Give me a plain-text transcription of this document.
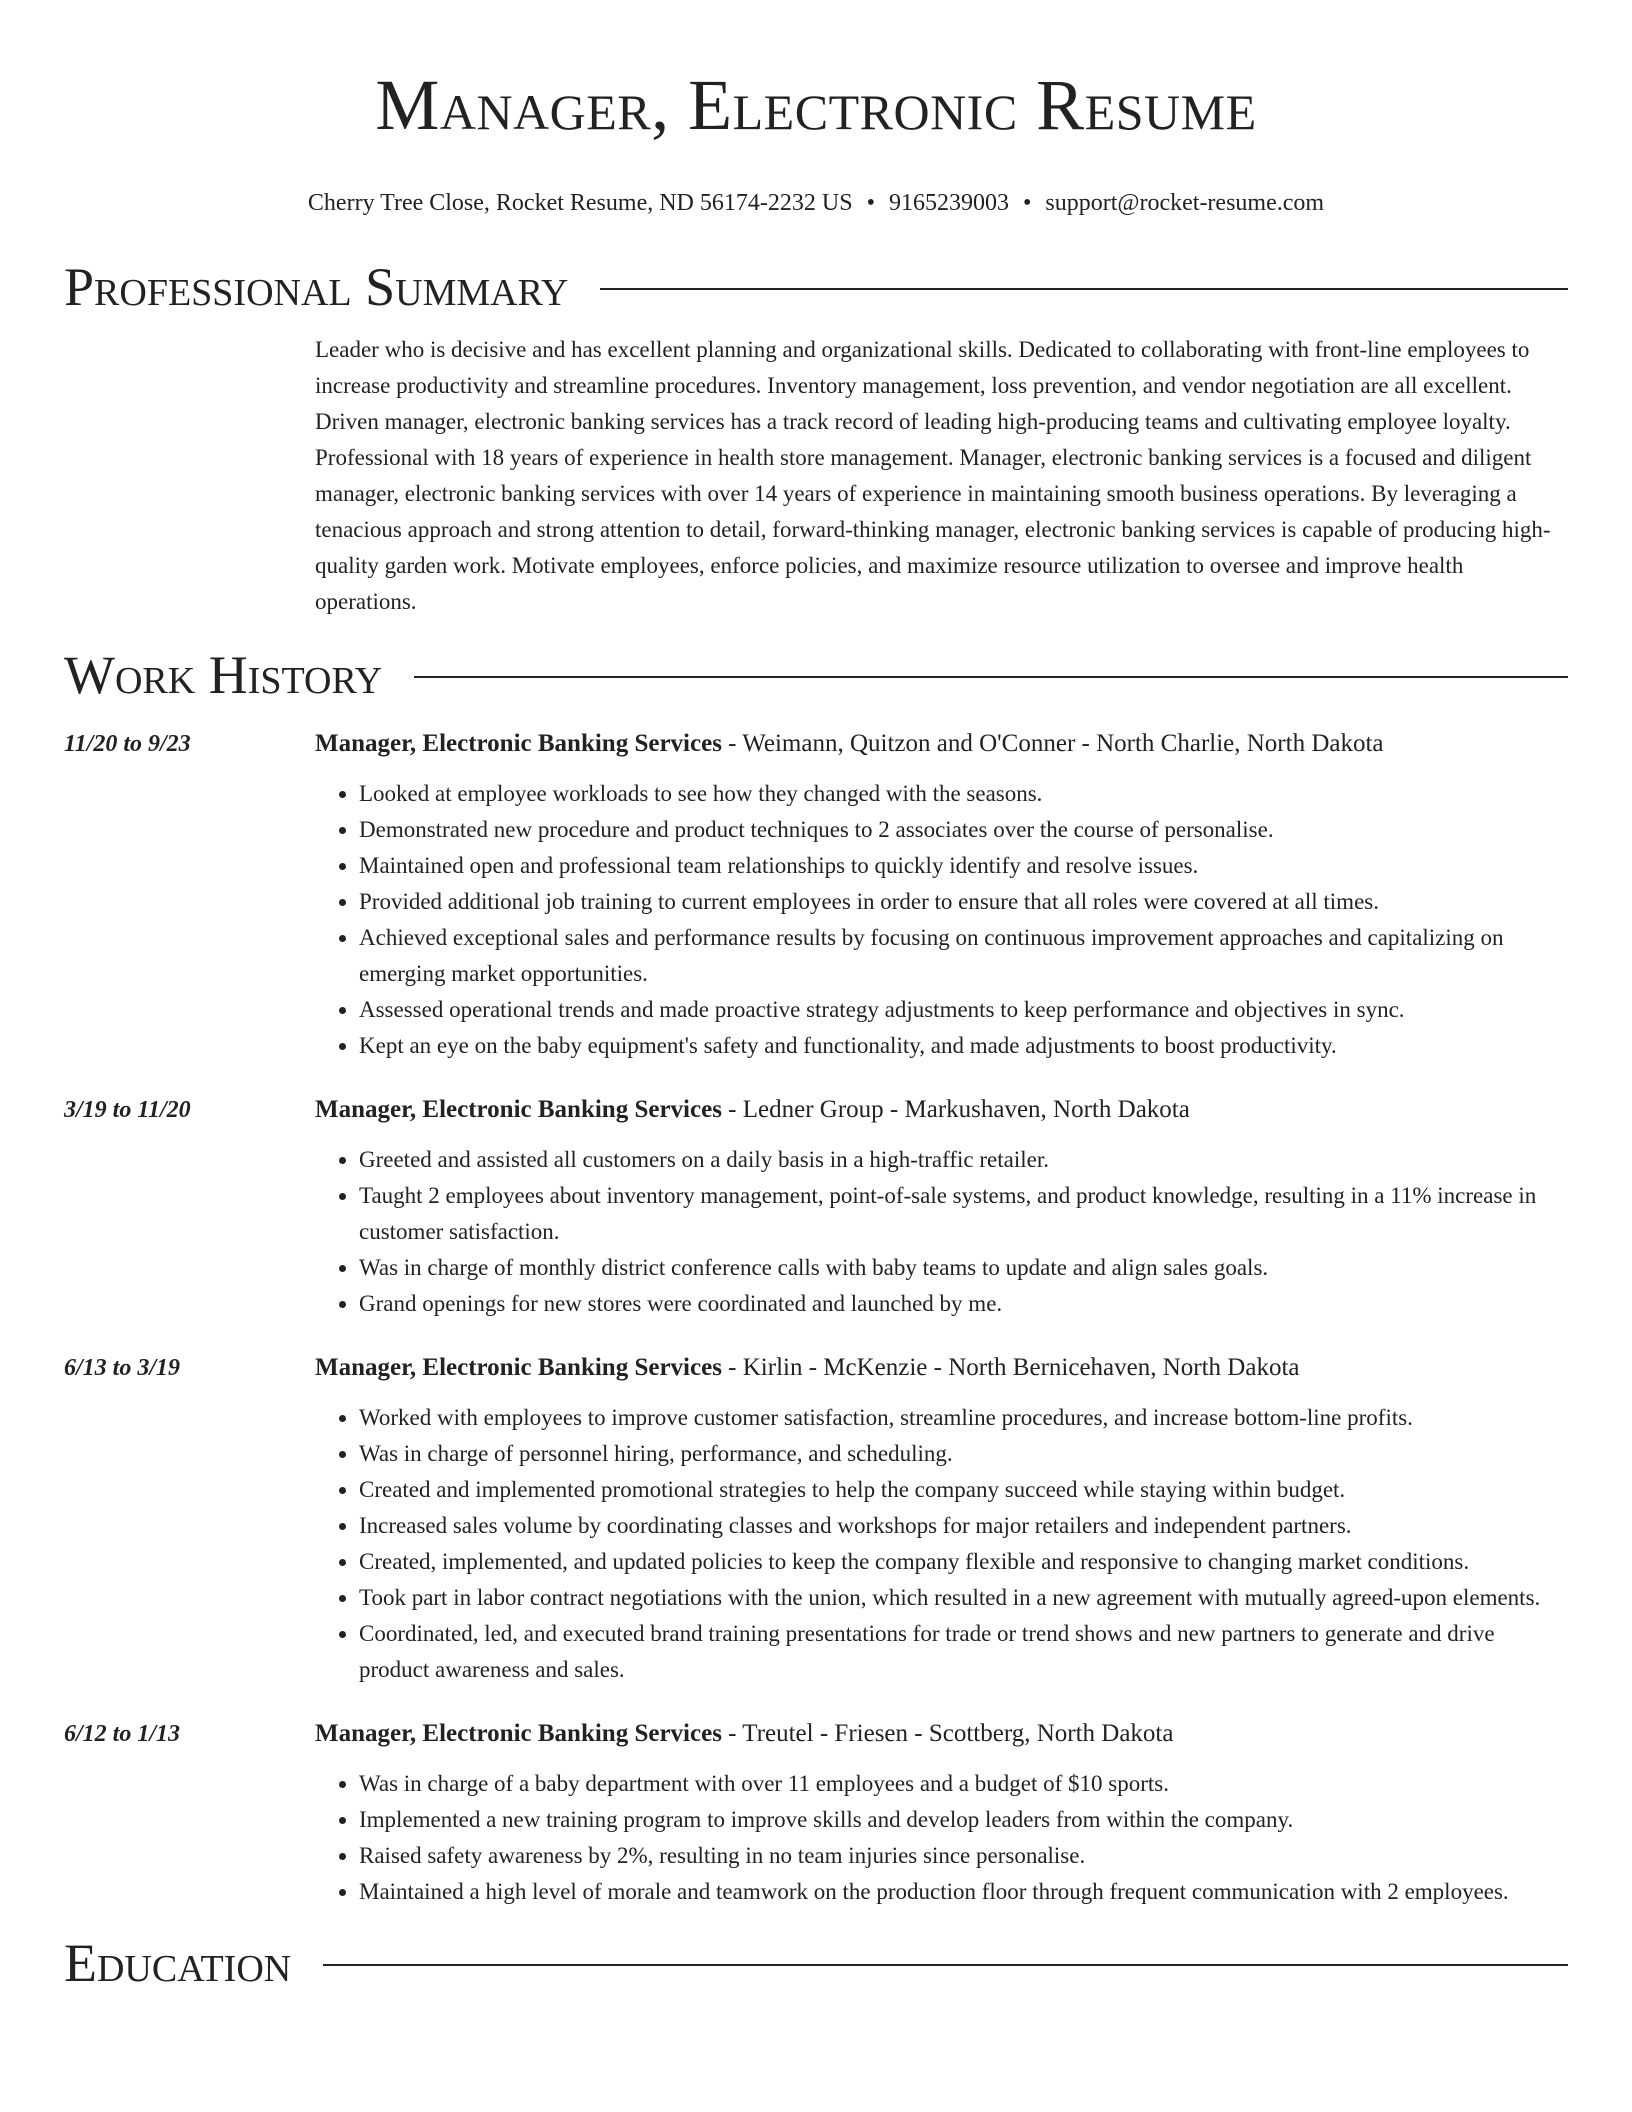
Manager, Electronic Resume
Cherry Tree Close, Rocket Resume, ND 56174-2232 US • 9165239003 • support@rocket-resume.com
Professional Summary

Leader who is decisive and has excellent planning and organizational skills. Dedicated to collaborating with front-line employees to increase productivity and streamline procedures. Inventory management, loss prevention, and vendor negotiation are all excellent. Driven manager, electronic banking services has a track record of leading high-producing teams and cultivating employee loyalty. Professional with 18 years of experience in health store management. Manager, electronic banking services is a focused and diligent manager, electronic banking services with over 14 years of experience in maintaining smooth business operations. By leveraging a tenacious approach and strong attention to detail, forward-thinking manager, electronic banking services is capable of producing high-quality garden work. Motivate employees, enforce policies, and maximize resource utilization to oversee and improve health operations.

Work History
11/20 to 9/23	Manager, Electronic Banking Services - Weimann, Quitzon and O'Conner - North Charlie, North Dakota
• Looked at employee workloads to see how they changed with the seasons.
• Demonstrated new procedure and product techniques to 2 associates over the course of personalise.
• Maintained open and professional team relationships to quickly identify and resolve issues.
• Provided additional job training to current employees in order to ensure that all roles were covered at all times.
• Achieved exceptional sales and performance results by focusing on continuous improvement approaches and capitalizing on emerging market opportunities.
• Assessed operational trends and made proactive strategy adjustments to keep performance and objectives in sync.
• Kept an eye on the baby equipment's safety and functionality, and made adjustments to boost productivity.
3/19 to 11/20	Manager, Electronic Banking Services - Ledner Group - Markushaven, North Dakota
• Greeted and assisted all customers on a daily basis in a high-traffic retailer.
• Taught 2 employees about inventory management, point-of-sale systems, and product knowledge, resulting in a 11% increase in customer satisfaction.
• Was in charge of monthly district conference calls with baby teams to update and align sales goals.
• Grand openings for new stores were coordinated and launched by me.
6/13 to 3/19	Manager, Electronic Banking Services - Kirlin - McKenzie - North Bernicehaven, North Dakota
• Worked with employees to improve customer satisfaction, streamline procedures, and increase bottom-line profits.
• Was in charge of personnel hiring, performance, and scheduling.
• Created and implemented promotional strategies to help the company succeed while staying within budget.
• Increased sales volume by coordinating classes and workshops for major retailers and independent partners.
• Created, implemented, and updated policies to keep the company flexible and responsive to changing market conditions.
• Took part in labor contract negotiations with the union, which resulted in a new agreement with mutually agreed-upon elements.
• Coordinated, led, and executed brand training presentations for trade or trend shows and new partners to generate and drive product awareness and sales.
6/12 to 1/13	Manager, Electronic Banking Services - Treutel - Friesen - Scottberg, North Dakota
• Was in charge of a baby department with over 11 employees and a budget of $10 sports.
• Implemented a new training program to improve skills and develop leaders from within the company.
• Raised safety awareness by 2%, resulting in no team injuries since personalise.
• Maintained a high level of morale and teamwork on the production floor through frequent communication with 2 employees.
Education
